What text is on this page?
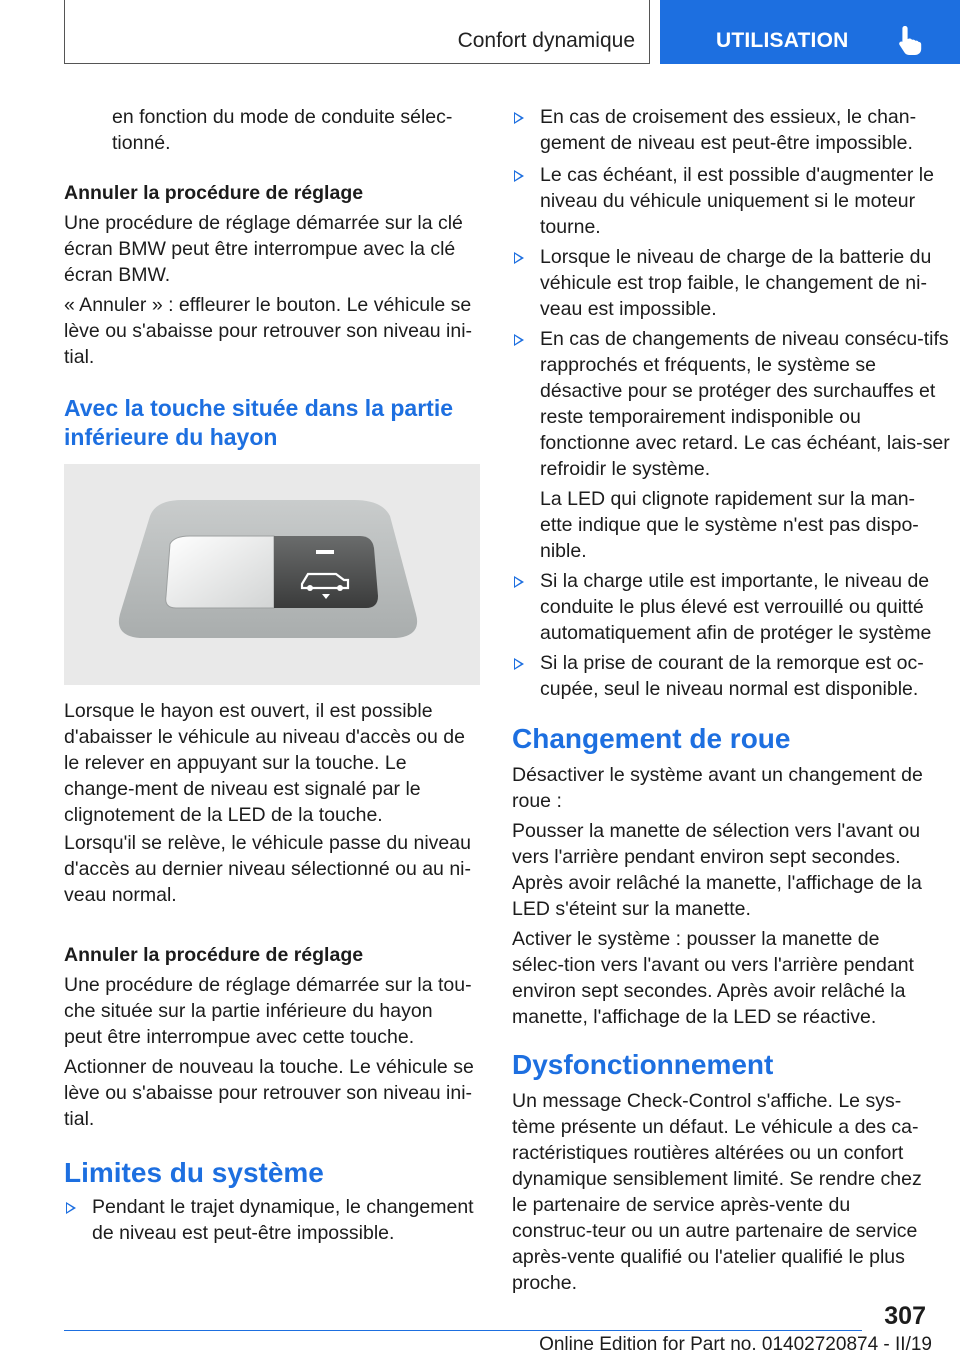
Confort dynamique	UTILISATION

en fonction du mode de conduite sélec-tionné.

Annuler la procédure de réglage

Une procédure de réglage démarrée sur la clé écran BMW peut être interrompue avec la clé écran BMW.

« Annuler » : effleurer le bouton. Le véhicule se lève ou s'abaisse pour retrouver son niveau ini-tial.

Avec la touche située dans la partie inférieure du hayon

Lorsque le hayon est ouvert, il est possible d'abaisser le véhicule au niveau d'accès ou de le relever en appuyant sur la touche. Le change-ment de niveau est signalé par le clignotement de la LED de la touche.

Lorsqu'il se relève, le véhicule passe du niveau d'accès au dernier niveau sélectionné ou au ni-veau normal.

Annuler la procédure de réglage

Une procédure de réglage démarrée sur la tou-che située sur la partie inférieure du hayon peut être interrompue avec cette touche.

Actionner de nouveau la touche. Le véhicule se lève ou s'abaisse pour retrouver son niveau ini-tial.

Limites du système
Pendant le trajet dynamique, le changement de niveau est peut-être impossible.
En cas de croisement des essieux, le chan-gement de niveau est peut-être impossible.
Le cas échéant, il est possible d'augmenter le niveau du véhicule uniquement si le moteur tourne.
Lorsque le niveau de charge de la batterie du véhicule est trop faible, le changement de ni-veau est impossible.
En cas de changements de niveau consécu-tifs rapprochés et fréquents, le système se désactive pour se protéger des surchauffes et reste temporairement indisponible ou fonctionne avec retard. Le cas échéant, lais-ser refroidir le système.

La LED qui clignote rapidement sur la man-ette indique que le système n'est pas dispo-nible.

Si la charge utile est importante, le niveau de conduite le plus élevé est verrouillé ou quitté automatiquement afin de protéger le système
Si la prise de courant de la remorque est oc-cupée, seul le niveau normal est disponible.
Changement de roue

Désactiver le système avant un changement de roue :

Pousser la manette de sélection vers l'avant ou vers l'arrière pendant environ sept secondes. Après avoir relâché la manette, l'affichage de la LED s'éteint sur la manette.

Activer le système : pousser la manette de sélec-tion vers l'avant ou vers l'arrière pendant environ sept secondes. Après avoir relâché la manette, l'affichage de la LED se réactive.

Dysfonctionnement

Un message Check-Control s'affiche. Le sys-tème présente un défaut. Le véhicule a des ca-ractéristiques routières altérées ou un confort dynamique sensiblement limité. Se rendre chez le partenaire de service après-vente du construc-teur ou un autre partenaire de service après-vente qualifié ou l'atelier qualifié le plus proche.

307
Online Edition for Part no. 01402720874 - II/19
